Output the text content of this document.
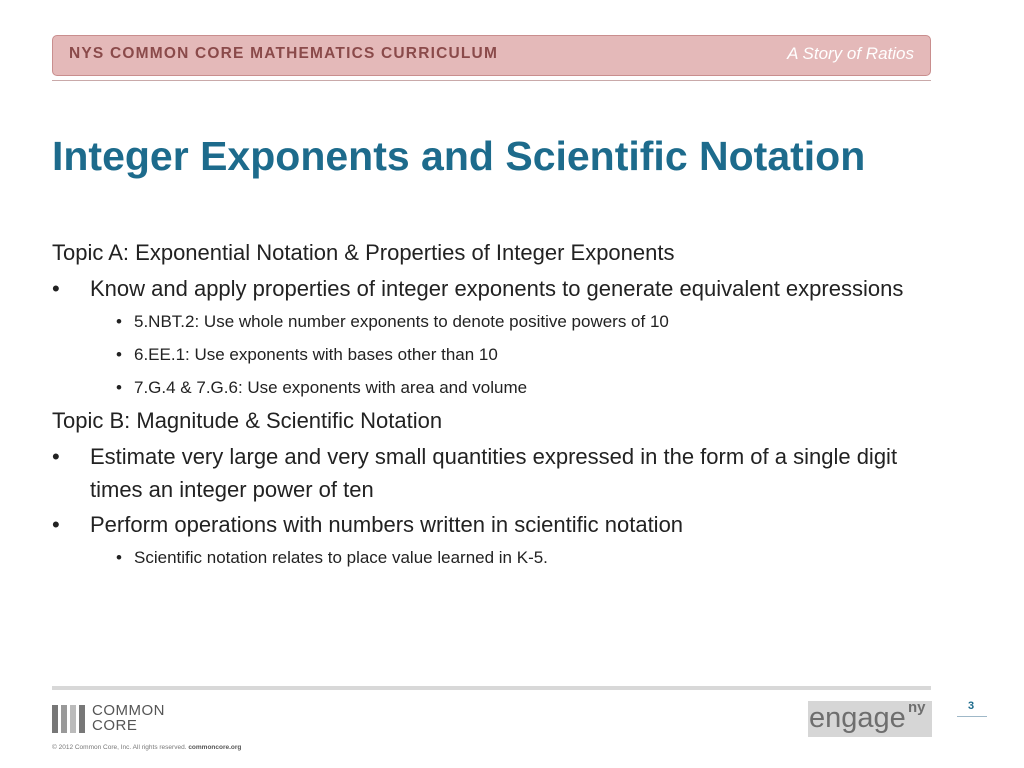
NYS COMMON CORE MATHEMATICS CURRICULUM	A Story of Ratios
Integer Exponents and Scientific Notation

Topic A: Exponential Notation & Properties of Integer Exponents

• Know and apply properties of integer exponents to generate equivalent expressions
• 5.NBT.2: Use whole number exponents to denote positive powers of 10
• 6.EE.1: Use exponents with bases other than 10
• 7.G.4 & 7.G.6: Use exponents with area and volume

Topic B: Magnitude & Scientific Notation

• Estimate very large and very small quantities expressed in the form of a single digit times an integer power of ten
• Perform operations with numbers written in scientific notation
• Scientific notation relates to place value learned in K-5.
COMMON
CORE
© 2012 Common Core, Inc. All rights reserved. commoncore.org
engage ny	3
